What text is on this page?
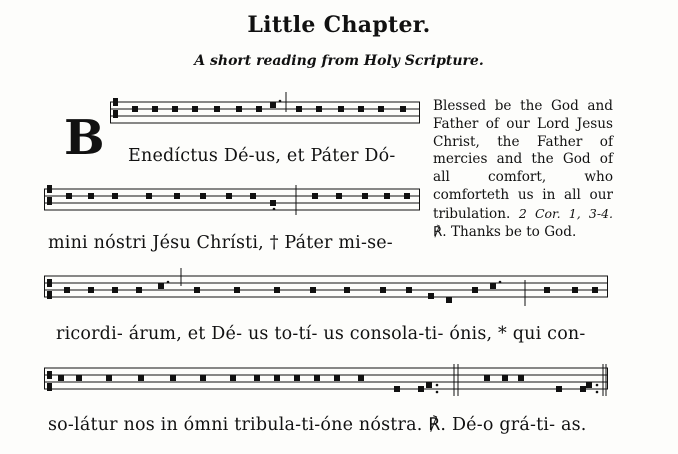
Little Chapter.
A short reading from Holy Scripture.
B Enedíctus Dé-us, et Páter Dó-
mini nóstri Jésu Chrísti, † Páter mi-se-
ricordi- árum, et Dé- us to-tí- us consola-ti- ónis, * qui con-
so-látur nos in ómni tribula-ti-óne nóstra. ℟. Dé-o grá-ti- as.
Blessed be the God and Father of our Lord Jesus Christ, the Father of mercies and the God of all comfort, who comforteth us in all our tribulation. 2 Cor. 1, 3-4. ℟. Thanks be to God.
